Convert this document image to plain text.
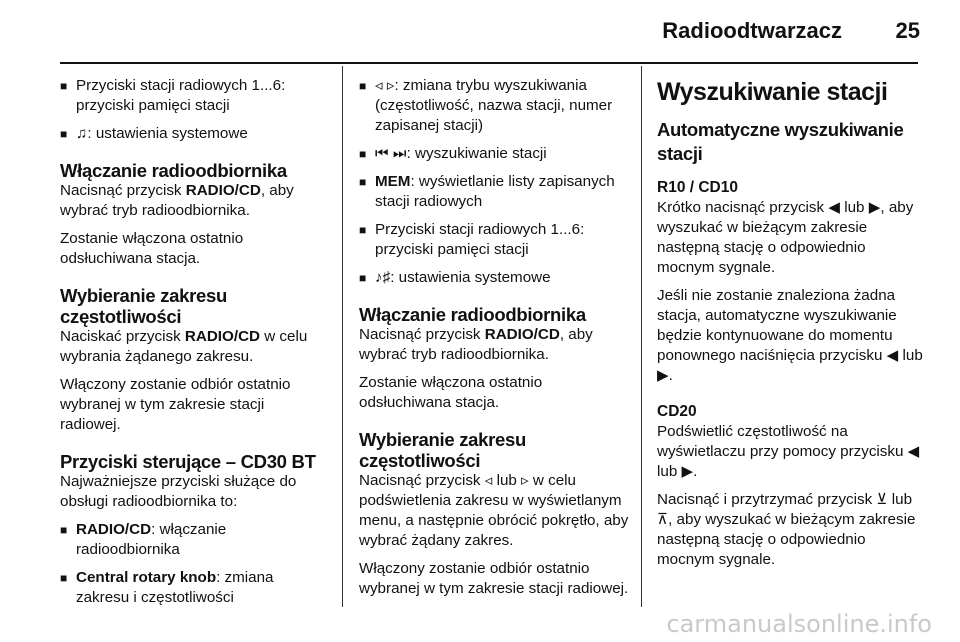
Radioodtwarzacz 25
■ Przyciski stacji radiowych 1...6: przyciski pamięci stacji
■ ♫: ustawienia systemowe
Włączanie radioodbiornika

Nacisnąć przycisk RADIO/CD, aby wybrać tryb radioodbiornika.

Zostanie włączona ostatnio odsłuchiwana stacja.

Wybieranie zakresu częstotliwości

Naciskać przycisk RADIO/CD w celu wybrania żądanego zakresu.

Włączony zostanie odbiór ostatnio wybranej w tym zakresie stacji radiowej.

Przyciski sterujące – CD30 BT

Najważniejsze przyciski służące do obsługi radioodbiornika to:

■ RADIO/CD: włączanie radioodbiornika
■ Central rotary knob: zmiana zakresu i częstotliwości
■ ◃ ▹: zmiana trybu wyszukiwania (częstotliwość, nazwa stacji, numer zapisanej stacji)
■ ⏮ ⏭: wyszukiwanie stacji
■ MEM: wyświetlanie listy zapisanych stacji radiowych
■ Przyciski stacji radiowych 1...6: przyciski pamięci stacji
■ ♪♯: ustawienia systemowe
Włączanie radioodbiornika

Nacisnąć przycisk RADIO/CD, aby wybrać tryb radioodbiornika.

Zostanie włączona ostatnio odsłuchiwana stacja.

Wybieranie zakresu częstotliwości

Nacisnąć przycisk ◃ lub ▹ w celu podświetlenia zakresu w wyświetlanym menu, a następnie obrócić pokrętło, aby wybrać żądany zakres.

Włączony zostanie odbiór ostatnio wybranej w tym zakresie stacji radiowej.

Wyszukiwanie stacji
Automatyczne wyszukiwanie stacji
R10 / CD10

Krótko nacisnąć przycisk ◀ lub ▶, aby wyszukać w bieżącym zakresie następną stację o odpowiednio mocnym sygnale.

Jeśli nie zostanie znaleziona żadna stacja, automatyczne wyszukiwanie będzie kontynuowane do momentu ponownego naciśnięcia przycisku ◀ lub ▶.

CD20

Podświetlić częstotliwość na wyświetlaczu przy pomocy przycisku ◀ lub ▶.

Nacisnąć i przytrzymać przycisk ⊻ lub ⊼, aby wyszukać w bieżącym zakresie następną stację o odpowiednio mocnym sygnale.

carmanualsonline.info
